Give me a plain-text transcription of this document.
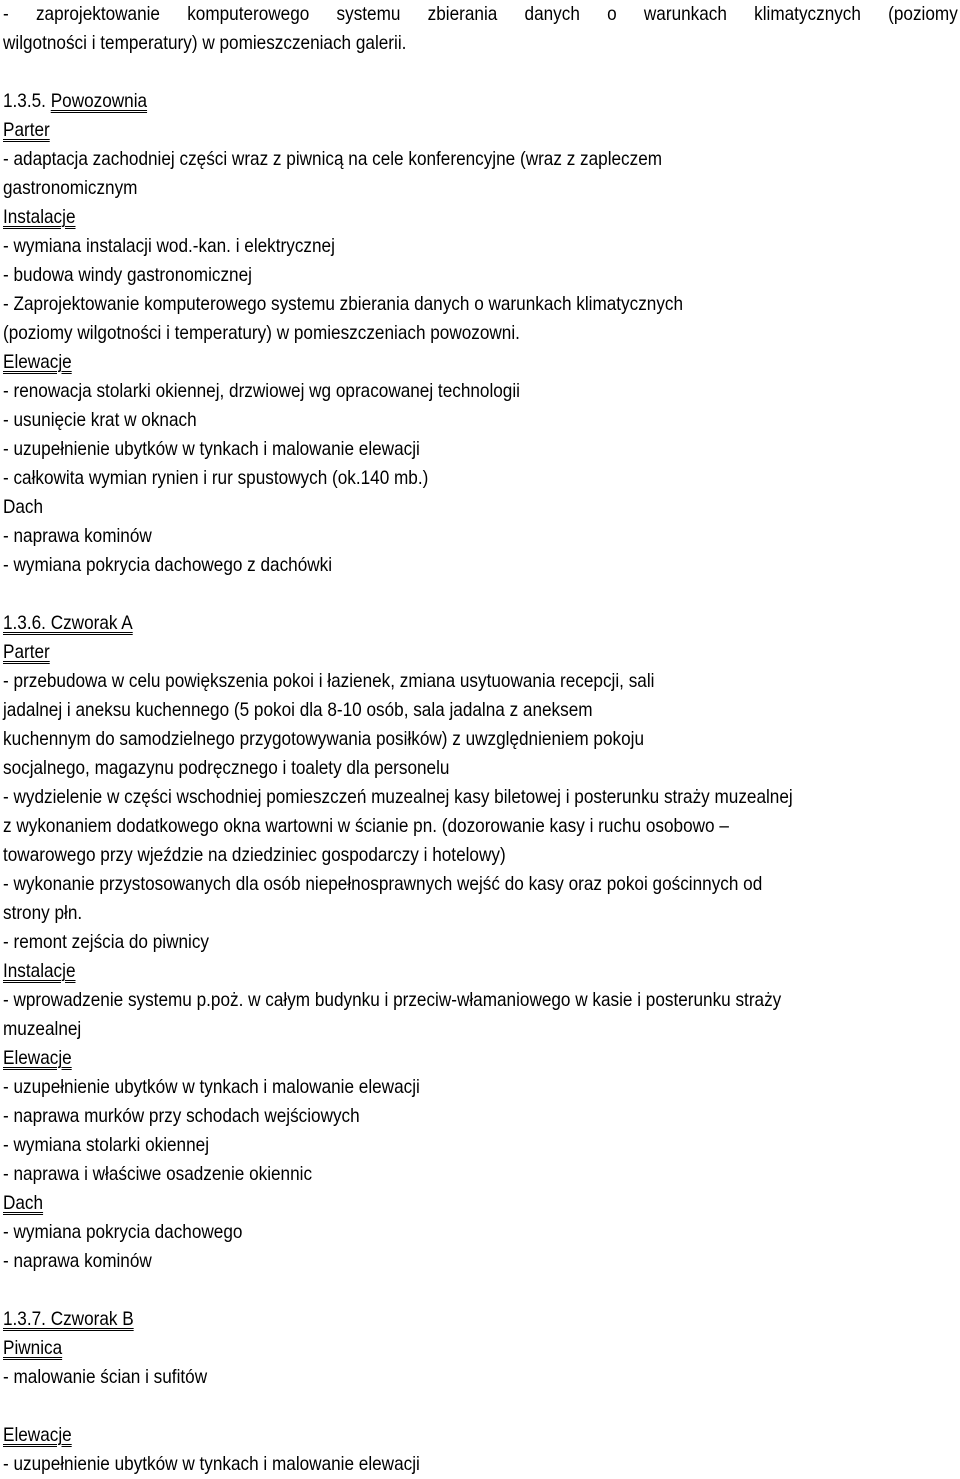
- zaprojektowanie komputerowego systemu zbierania danych o warunkach klimatycznych (poziomy
wilgotności i temperatury) w pomieszczeniach galerii.
1.3.5. Powozownia
Parter
- adaptacja zachodniej części wraz z piwnicą na cele konferencyjne (wraz z zapleczem
gastronomicznym
Instalacje
- wymiana instalacji wod.-kan. i elektrycznej
- budowa windy gastronomicznej
- Zaprojektowanie komputerowego systemu zbierania danych o warunkach klimatycznych
(poziomy wilgotności i temperatury) w pomieszczeniach powozowni.
Elewacje
- renowacja stolarki okiennej, drzwiowej wg opracowanej technologii
- usunięcie krat w oknach
- uzupełnienie ubytków w tynkach i malowanie elewacji
- całkowita wymian rynien i rur spustowych (ok.140 mb.)
Dach
- naprawa kominów
- wymiana pokrycia dachowego z dachówki
1.3.6. Czworak A
Parter
- przebudowa w celu powiększenia pokoi i łazienek, zmiana usytuowania recepcji, sali
jadalnej i aneksu kuchennego (5 pokoi dla 8-10 osób, sala jadalna z aneksem
kuchennym do samodzielnego przygotowywania posiłków) z uwzględnieniem pokoju
socjalnego, magazynu podręcznego i toalety dla personelu
- wydzielenie w części wschodniej pomieszczeń muzealnej kasy biletowej i posterunku straży muzealnej
z wykonaniem dodatkowego okna wartowni w ścianie pn. (dozorowanie kasy i ruchu osobowo –
towarowego przy wjeździe na dziedziniec gospodarczy i hotelowy)
- wykonanie przystosowanych dla osób niepełnosprawnych wejść do kasy oraz pokoi gościnnych od
strony płn.
- remont zejścia do piwnicy
Instalacje
- wprowadzenie systemu p.poż. w całym budynku i przeciw-włamaniowego w kasie i posterunku straży
muzealnej
Elewacje
- uzupełnienie ubytków w tynkach i malowanie elewacji
- naprawa murków przy schodach wejściowych
- wymiana stolarki okiennej
- naprawa i właściwe osadzenie okiennic
Dach
- wymiana pokrycia dachowego
- naprawa kominów
1.3.7. Czworak B
Piwnica
- malowanie ścian i sufitów
Elewacje
- uzupełnienie ubytków w tynkach i malowanie elewacji
